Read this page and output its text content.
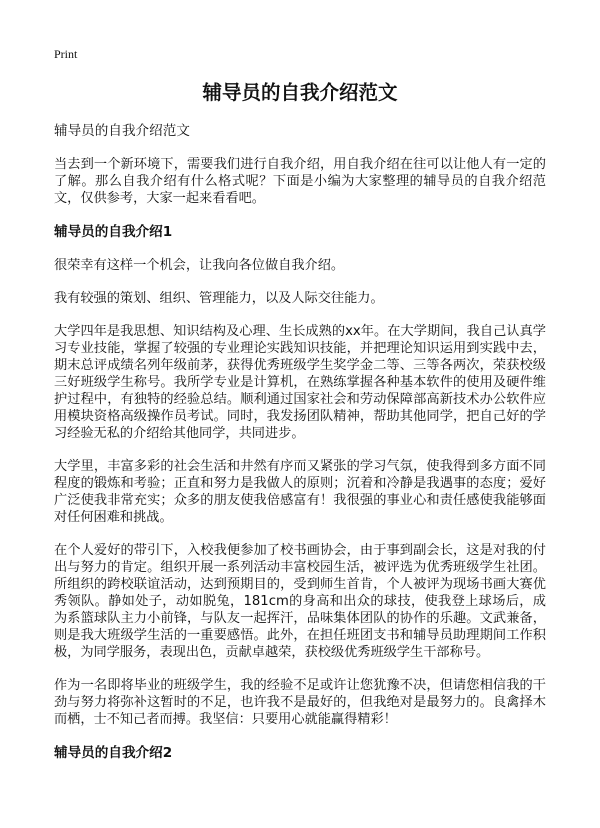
Print
辅导员的自我介绍范文
辅导员的自我介绍范文
当去到一个新环境下，需要我们进行自我介绍，用自我介绍在往可以让他人有一定的了解。那么自我介绍有什么格式呢？下面是小编为大家整理的辅导员的自我介绍范文，仅供参考，大家一起来看看吧。
辅导员的自我介绍1
很荣幸有这样一个机会，让我向各位做自我介绍。
我有较强的策划、组织、管理能力，以及人际交往能力。
大学四年是我思想、知识结构及心理、生长成熟的xx年。在大学期间，我自己认真学习专业技能，掌握了较强的专业理论实践知识技能，并把理论知识运用到实践中去，期末总评成绩名列年级前茅，获得优秀班级学生奖学金二等、三等各两次，荣获校级三好班级学生称号。我所学专业是计算机，在熟练掌握各种基本软件的使用及硬件维护过程中，有独特的经验总结。顺利通过国家社会和劳动保障部高新技术办公软件应用模块资格高级操作员考试。同时，我发扬团队精神，帮助其他同学，把自己好的学习经验无私的介绍给其他同学，共同进步。
大学里，丰富多彩的社会生活和井然有序而又紧张的学习气氛，使我得到多方面不同程度的锻炼和考验；正直和努力是我做人的原则；沉着和冷静是我遇事的态度；爱好广泛使我非常充实；众多的朋友使我倍感富有！我很强的事业心和责任感使我能够面对任何困难和挑战。
在个人爱好的带引下，入校我便参加了校书画协会，由于事到副会长，这是对我的付出与努力的肯定。组织开展一系列活动丰富校园生活，被评选为优秀班级学生社团。所组织的跨校联谊活动，达到预期目的，受到师生首肯，个人被评为现场书画大赛优秀领队。静如处子，动如脱兔，181cm的身高和出众的球技，使我登上球场后，成为系篮球队主力小前锋，与队友一起挥汗，品味集体团队的协作的乐趣。文武兼备，则是我大班级学生活的一重要感悟。此外，在担任班团支书和辅导员助理期间工作积极，为同学服务，表现出色，贡献卓越荣，获校级优秀班级学生干部称号。
作为一名即将毕业的班级学生，我的经验不足或许让您犹豫不决，但请您相信我的干劲与努力将弥补这暂时的不足，也许我不是最好的，但我绝对是最努力的。良禽择木而栖，士不知己者而搏。我坚信：只要用心就能赢得精彩！
辅导员的自我介绍2
